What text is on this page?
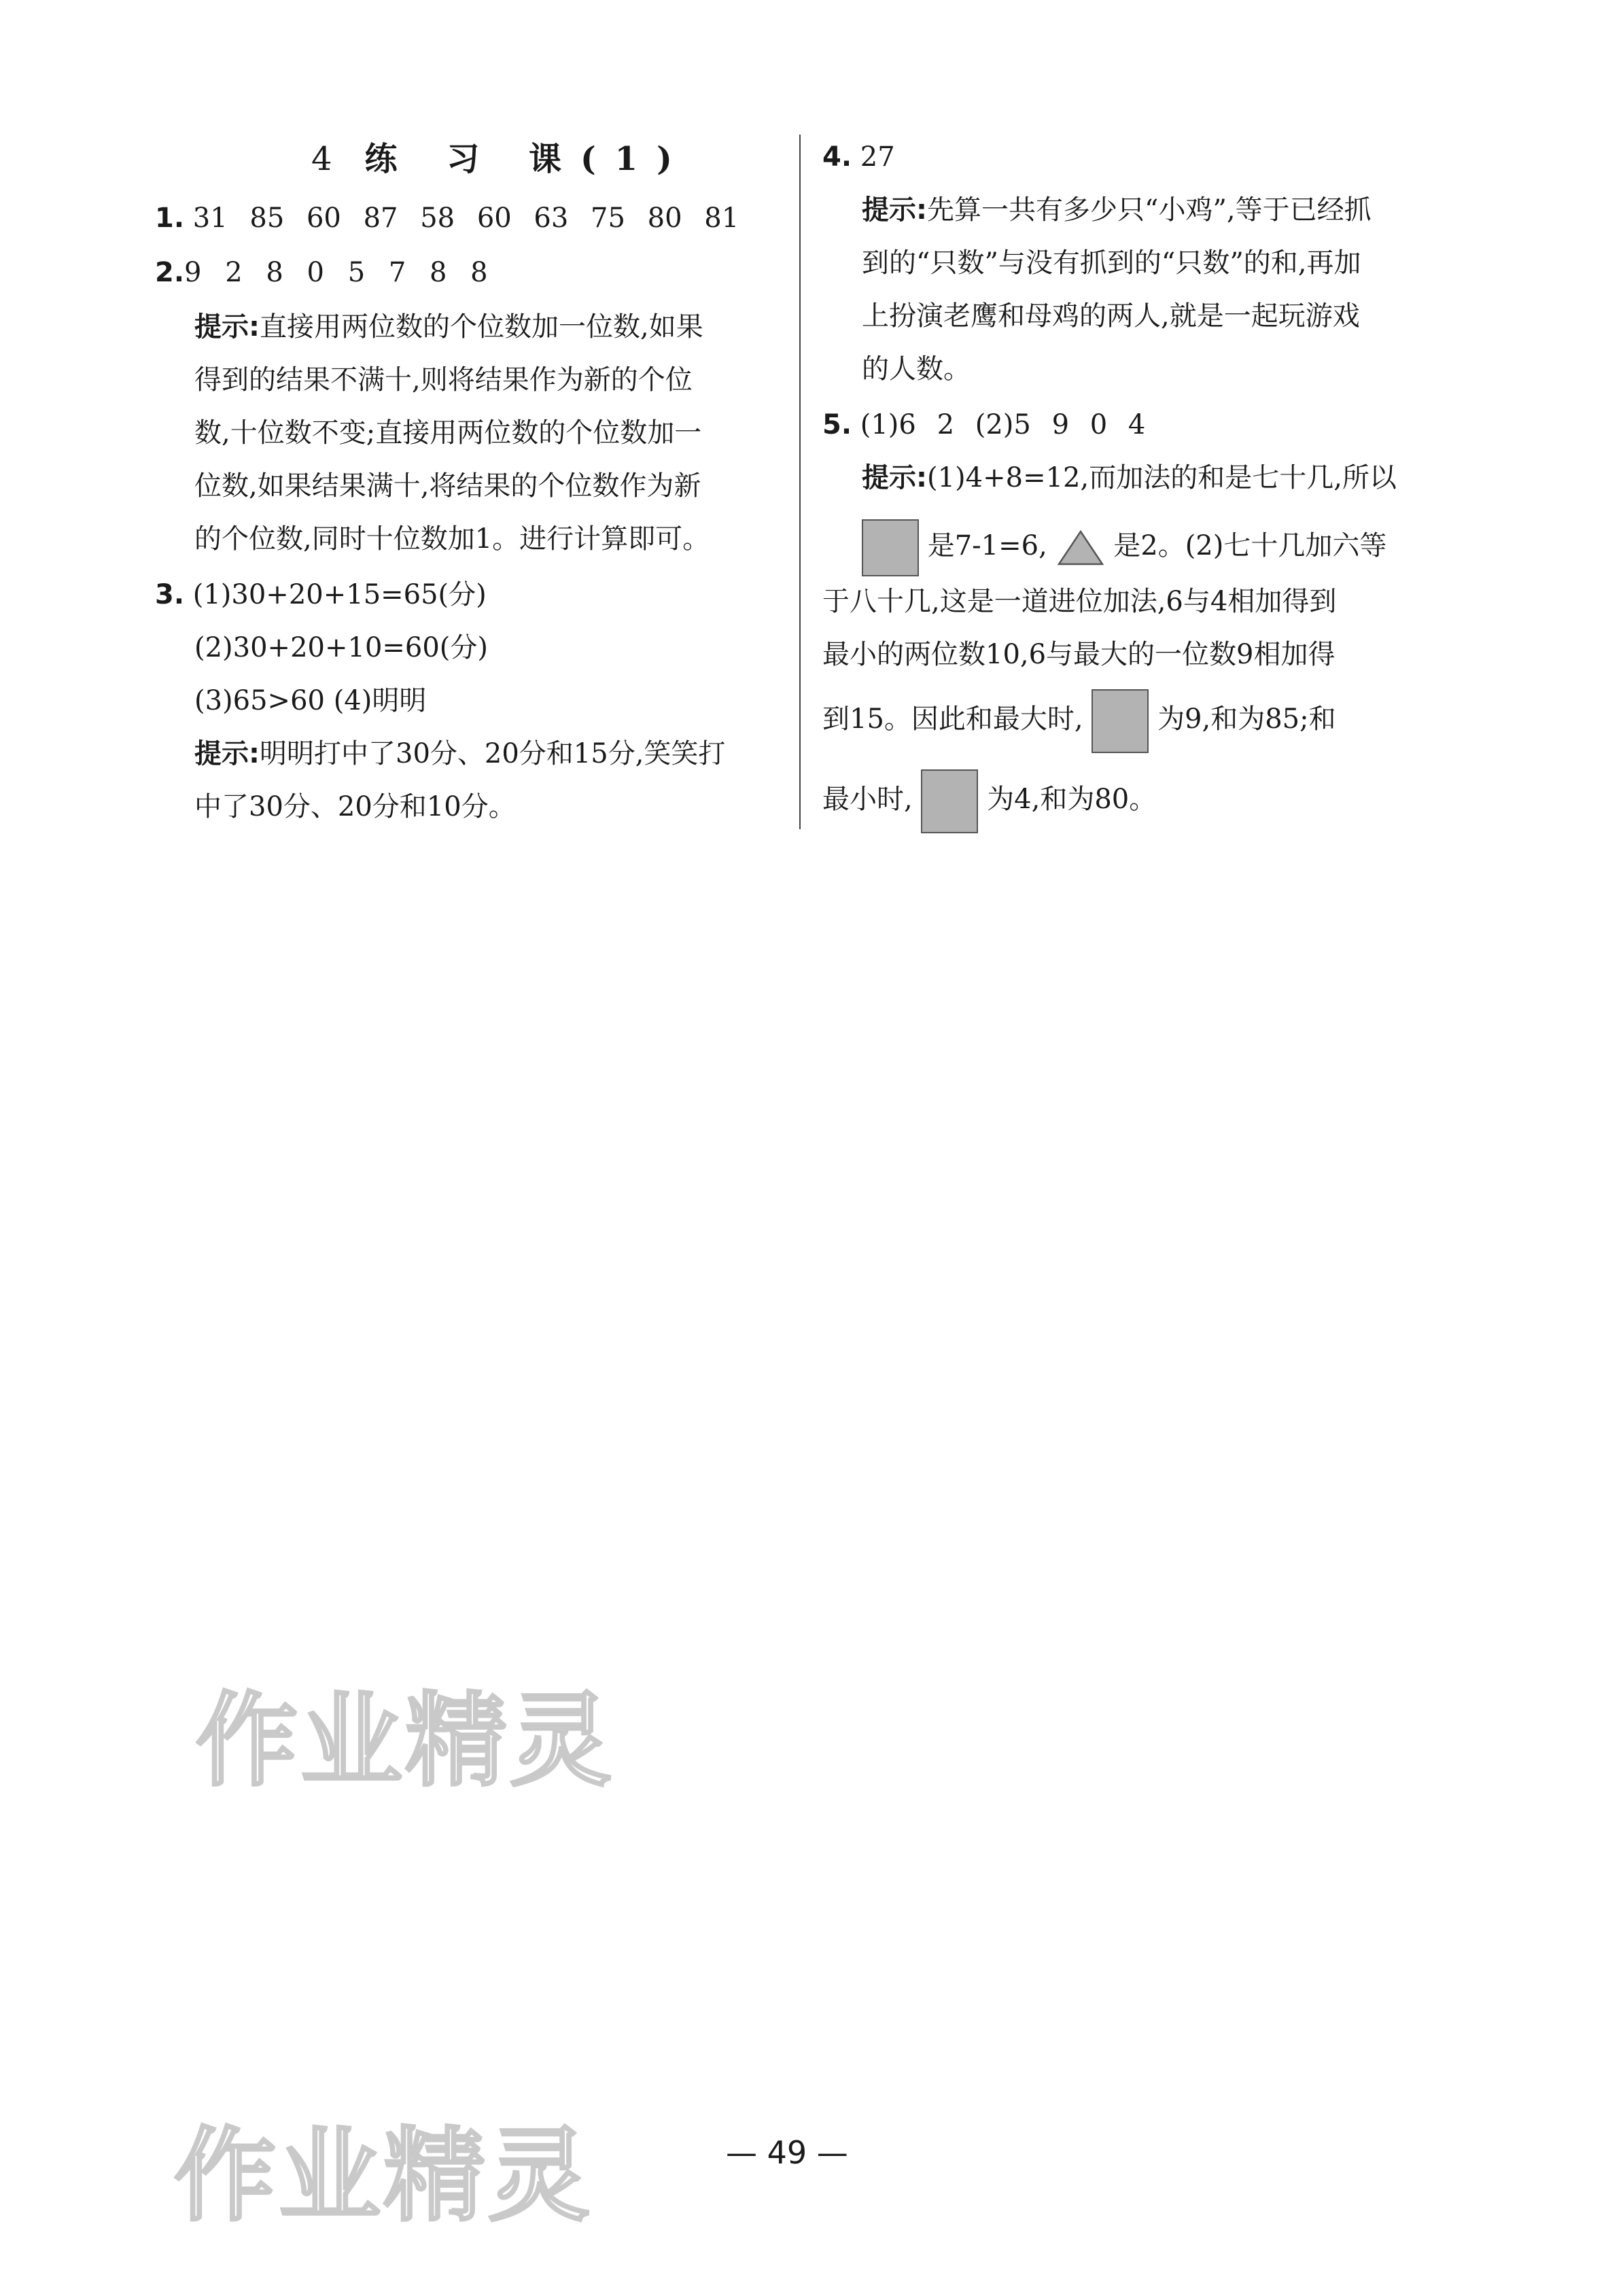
4 练 习 课(1)
1. 31 85 60 87 58 60 63 75 80 81
2.9 2 8 0 5 7 8 8
提示:直接用两位数的个位数加一位数,如果
得到的结果不满十,则将结果作为新的个位
数,十位数不变;直接用两位数的个位数加一
位数,如果结果满十,将结果的个位数作为新
的个位数,同时十位数加1。进行计算即可。
3. (1)30+20+15=65(分)
(2)30+20+10=60(分)
(3)65>60 (4)明明
提示:明明打中了30分、20分和15分,笑笑打
中了30分、20分和10分。
4. 27
提示:先算一共有多少只“小鸡”,等于已经抓
到的“只数”与没有抓到的“只数”的和,再加
上扮演老鹰和母鸡的两人,就是一起玩游戏
的人数。
5. (1)6 2 (2)5 9 0 4
提示:(1)4+8=12,而加法的和是七十几,所以
是7-1=6, 是2。(2)七十几加六等
于八十几,这是一道进位加法,6与4相加得到
最小的两位数10,6与最大的一位数9相加得
到15。因此和最大时,	为9,和为85;和
最小时,	为4,和为80。
作业精灵
— 49 —
作业精灵
